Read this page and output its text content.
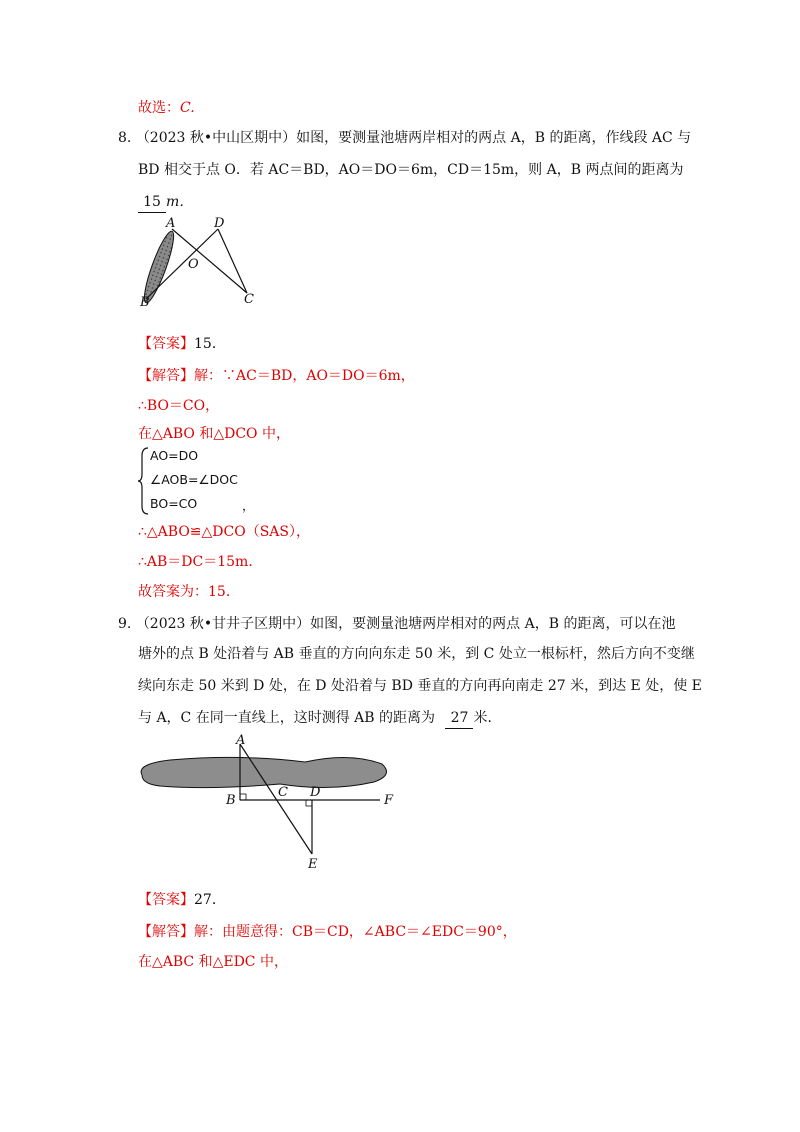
故选：C.
8. （2023 秋•中山区期中）如图，要测量池塘两岸相对的两点 A，B 的距离，作线段 AC 与
BD 相交于点 O．若 AC＝BD，AO＝DO＝6m，CD＝15m，则 A，B 两点间的距离为
15 m．
A	D
O
B	C
【答案】15．
【解答】解：∵AC＝BD，AO＝DO＝6m，
∴BO＝CO，
在△ABO 和△DCO 中，
AO=DO
∠AOB=∠DOC
BO=CO	，
∴△ABO≌△DCO（SAS），
∴AB＝DC＝15m．
故答案为：15．
9. （2023 秋•甘井子区期中）如图，要测量池塘两岸相对的两点 A，B 的距离，可以在池
塘外的点 B 处沿着与 AB 垂直的方向向东走 50 米，到 C 处立一根标杆，然后方向不变继
续向东走 50 米到 D 处，在 D 处沿着与 BD 垂直的方向再向南走 27 米，到达 E 处，使 E
与 A，C 在同一直线上，这时测得 AB 的距离为 27 米．
A
B
C D
F
E
【答案】27．
【解答】解：由题意得：CB＝CD，∠ABC＝∠EDC＝90°，
在△ABC 和△EDC 中，
